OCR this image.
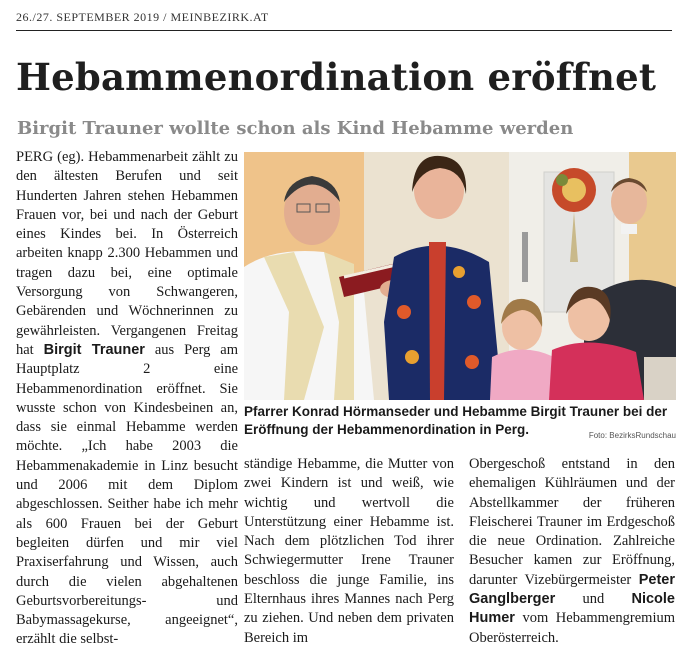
26./27. SEPTEMBER 2019 / MEINBEZIRK.AT
Hebammenordination eröffnet
Birgit Trauner wollte schon als Kind Hebamme werden
PERG (eg). Hebammenarbeit zählt zu den ältesten Berufen und seit Hunderten Jahren stehen Hebammen Frauen vor, bei und nach der Geburt eines Kindes bei. In Österreich arbeiten knapp 2.300 Hebammen und tragen dazu bei, eine optimale Versorgung von Schwangeren, Gebärenden und Wöchnerinnen zu gewährleisten. Vergangenen Freitag hat Birgit Trauner aus Perg am Hauptplatz 2 eine Hebammenordination eröffnet. Sie wusste schon von Kindesbeinen an, dass sie einmal Hebamme werden möchte. „Ich habe 2003 die Hebammenakademie in Linz besucht und 2006 mit dem Diplom abgeschlossen. Seither habe ich mehr als 600 Frauen bei der Geburt begleiten dürfen und mir viel Praxiserfahrung und Wissen, auch durch die vielen abgehaltenen Geburtsvorbereitungs- und Babymassagekurse, angeeignet“, erzählt die selbst-
Pfarrer Konrad Hörmanseder und Hebamme Birgit Trauner bei der Eröffnung der Hebammenordination in Perg.	Foto: BezirksRundschau
ständige Hebamme, die Mutter von zwei Kindern ist und weiß, wie wichtig und wertvoll die Unterstützung einer Hebamme ist. Nach dem plötzlichen Tod ihrer Schwiegermutter Irene Trauner beschloss die junge Familie, ins Elternhaus ihres Mannes nach Perg zu ziehen. Und neben dem privaten Bereich im
Obergeschoß entstand in den ehemaligen Kühlräumen und der Abstellkammer der früheren Fleischerei Trauner im Erdgeschoß die neue Ordination. Zahlreiche Besucher kamen zur Eröffnung, darunter Vizebürgermeister Peter Ganglberger und Nicole Humer vom Hebammengremium Oberösterreich.
